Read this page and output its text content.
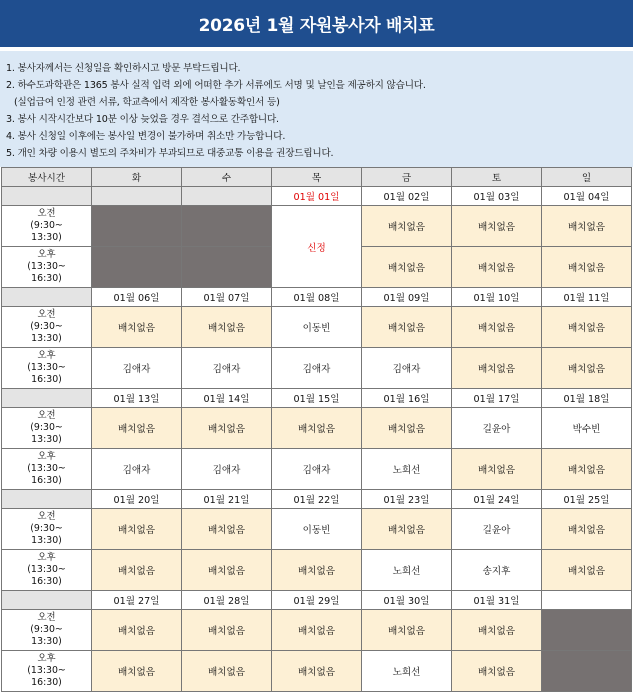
2026년 1월 자원봉사자 배치표
1. 봉사자께서는 신청일을 확인하시고 방문 부탁드립니다.
2. 하수도과학관은 1365 봉사 실적 입력 외에 어떠한 추가 서류에도 서명 및 날인을 제공하지 않습니다.
(실업급여 인정 관련 서류, 학교측에서 제작한 봉사활동확인서 등)
3. 봉사 시작시간보다 10분 이상 늦었을 경우 결석으로 간주합니다.
4. 봉사 신청일 이후에는 봉사일 변경이 불가하며 취소만 가능합니다.
5. 개인 차량 이용시 별도의 주차비가 부과되므로 대중교통 이용을 권장드립니다.
봉사시간	화	수	목	금	토	일
			01월 01일	01월 02일	01월 03일	01월 04일

오전
(9:30~
13:30)			신정	배치없음	배치없음	배치없음

오후
(13:30~
16:30)				배치없음	배치없음	배치없음
	01월 06일	01월 07일	01월 08일	01월 09일	01월 10일	01월 11일

오전
(9:30~
13:30)	배치없음	배치없음	이동빈	배치없음	배치없음	배치없음

오후
(13:30~
16:30)	김애자	김애자	김애자	김애자	배치없음	배치없음
	01월 13일	01월 14일	01월 15일	01월 16일	01월 17일	01월 18일

오전
(9:30~
13:30)	배치없음	배치없음	배치없음	배치없음	길윤아	박수빈

오후
(13:30~
16:30)	김애자	김애자	김애자	노희선	배치없음	배치없음
	01월 20일	01월 21일	01월 22일	01월 23일	01월 24일	01월 25일

오전
(9:30~
13:30)	배치없음	배치없음	이동빈	배치없음	길윤아	배치없음

오후
(13:30~
16:30)	배치없음	배치없음	배치없음	노희선	송지후	배치없음
	01월 27일	01월 28일	01월 29일	01월 30일	01월 31일	

오전
(9:30~
13:30)	배치없음	배치없음	배치없음	배치없음	배치없음	

오후
(13:30~
16:30)	배치없음	배치없음	배치없음	노희선	배치없음	
